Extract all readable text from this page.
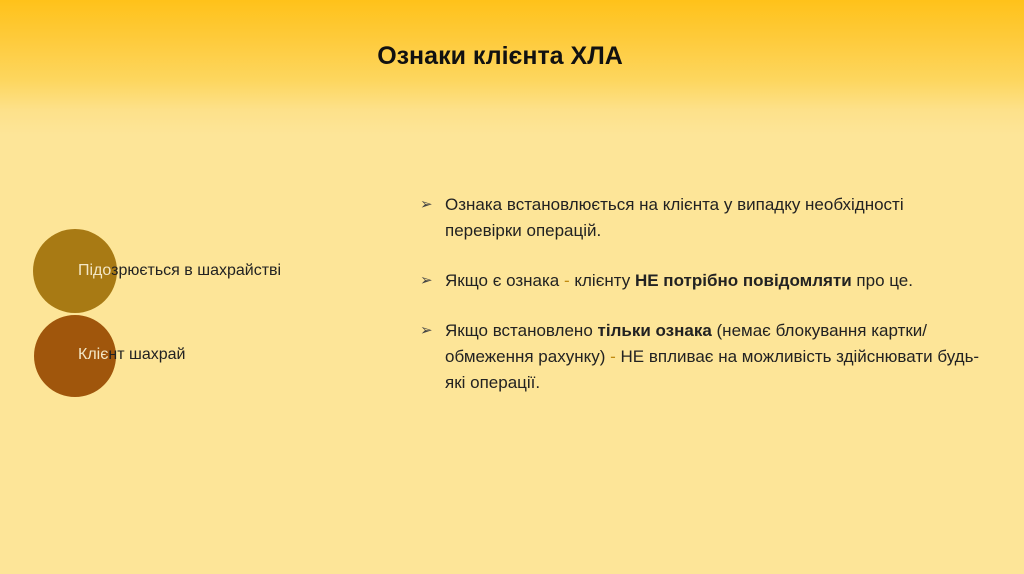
Ознаки клієнта ХЛА
Підозрюється в шахрайстві
Клієнт шахрай
➢ Ознака встановлюється на клієнта у випадку необхідності перевірки операцій.
➢ Якщо є ознака - клієнту НЕ потрібно повідомляти про це.
➢ Якщо встановлено тільки ознака (немає блокування картки/обмеження рахунку) - НЕ впливає на можливість здійснювати будь-які операції.
